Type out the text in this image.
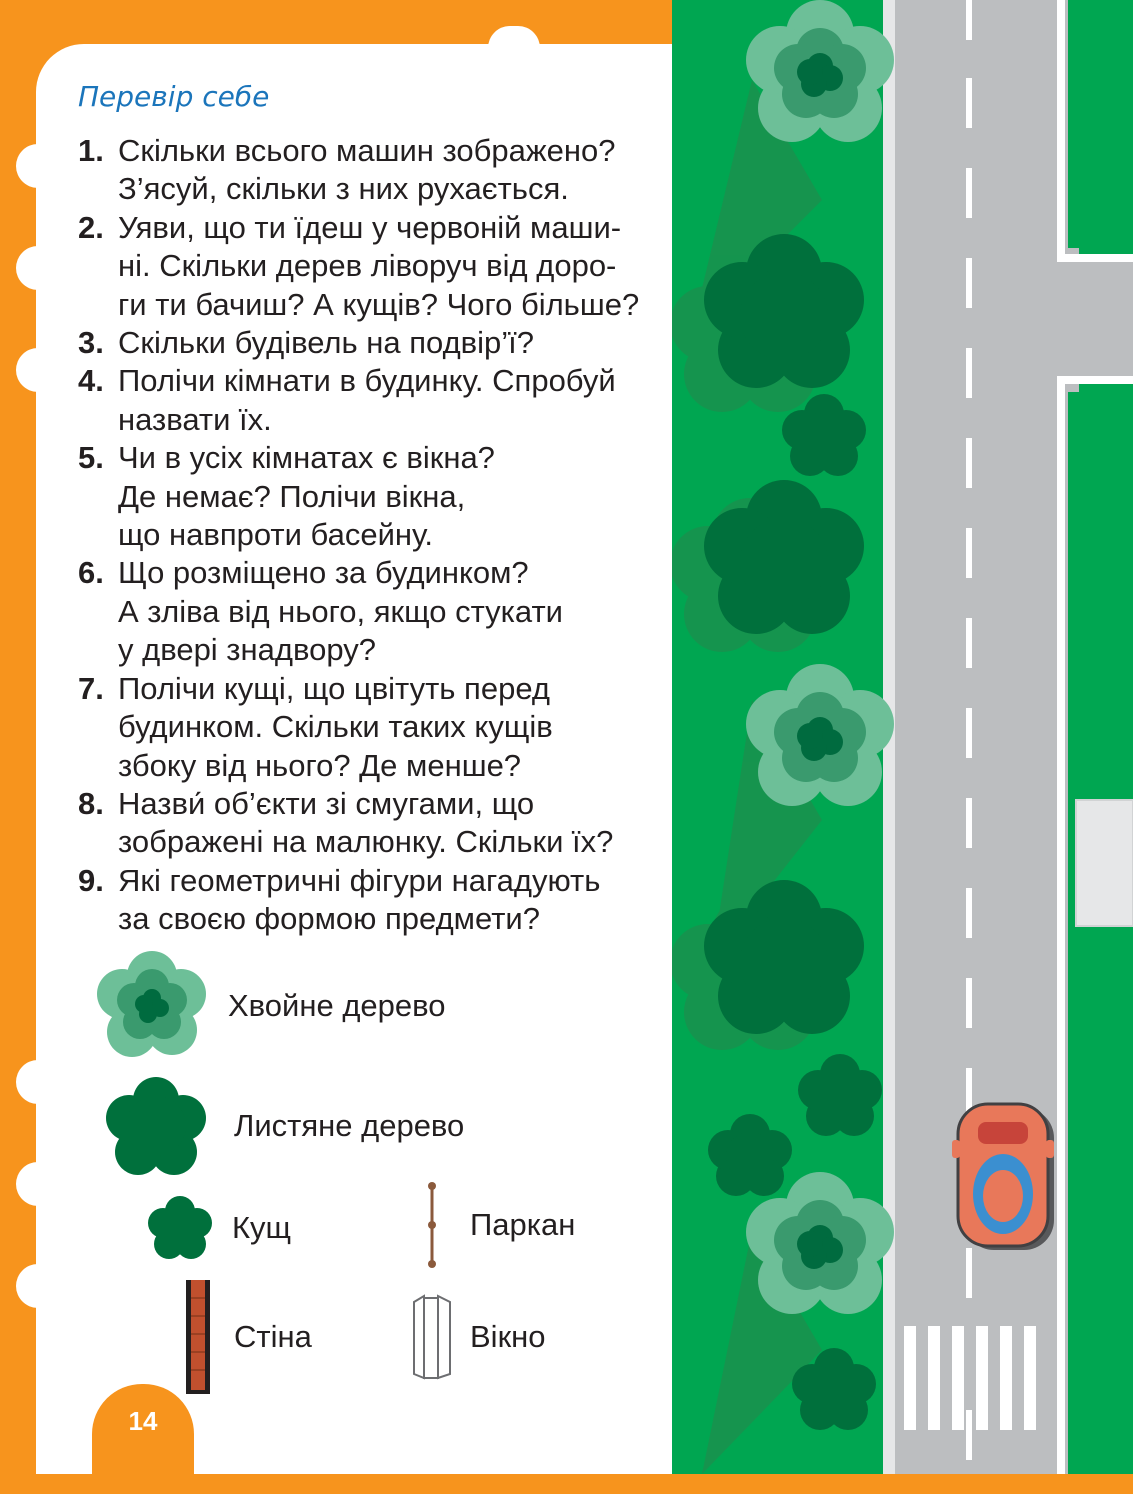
Перевір себе
1. Скільки всього машин зображено?
З’ясуй, скільки з них рухається.
2. Уяви, що ти їдеш у червоній маши-
ні. Скільки дерев ліворуч від доро-
ги ти бачиш? А кущів? Чого більше?
3. Скільки будівель на подвір’ї?
4. Полічи кімнати в будинку. Спробуй
назвати їх.
5. Чи в усіх кімнатах є вікна?
Де немає? Полічи вікна,
що навпроти басейну.
6. Що розміщено за будинком?
А зліва від нього, якщо стукати
у двері знадвору?
7. Полічи кущі, що цвітуть перед
будинком. Скільки таких кущів
збоку від нього? Де менше?
8. Назви́ об’єкти зі смугами, що
зображені на малюнку. Скільки їх?
9. Які геометричні фігури нагадують
за своєю формою предмети?
Хвойне дерево
Листяне дерево
Кущ	Паркан
Стіна	Вікно
14
